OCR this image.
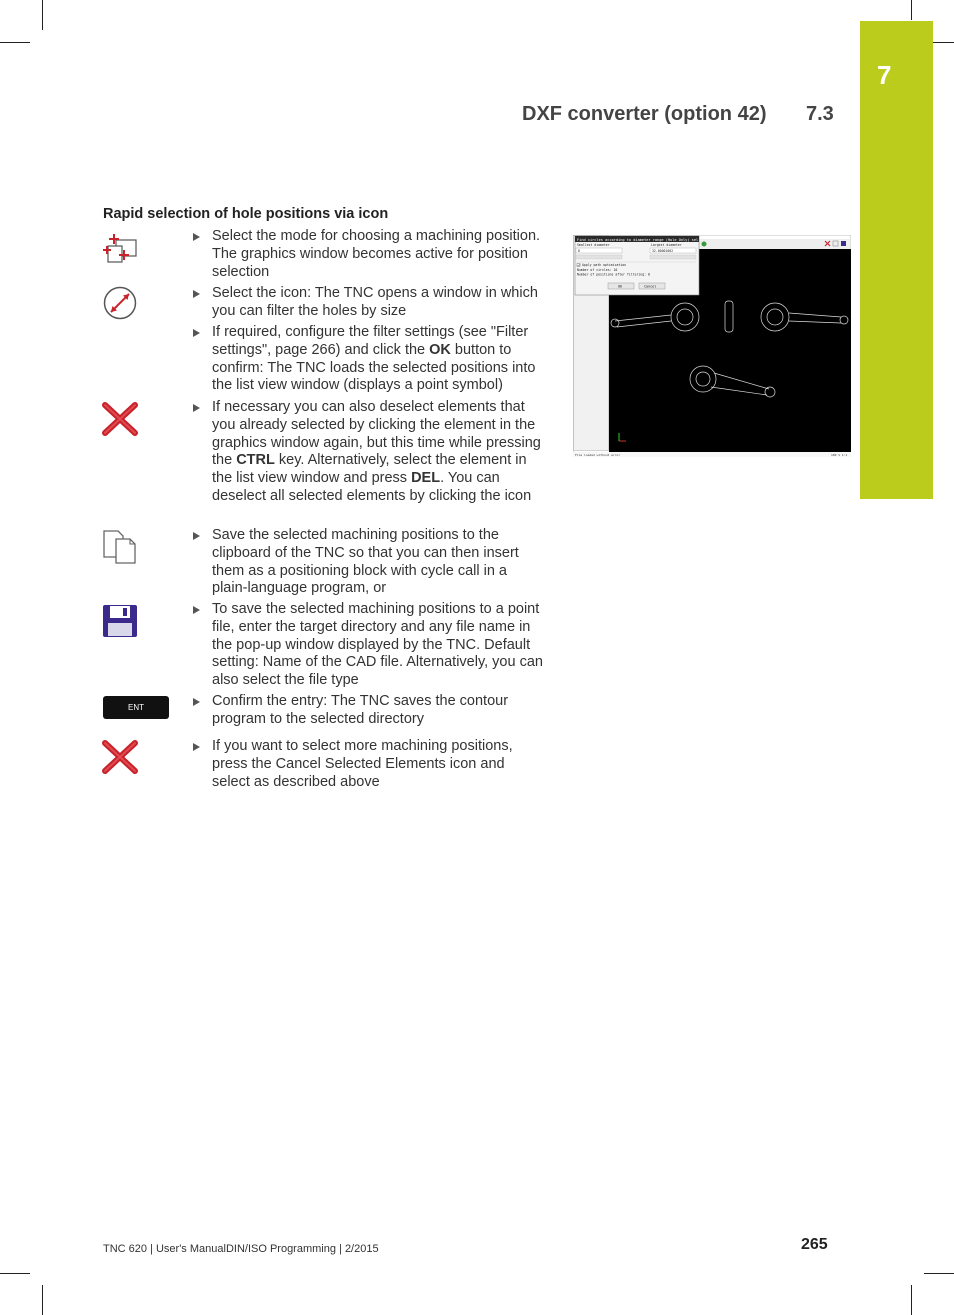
7
DXF converter (option 42) 7.3
Rapid selection of hole positions via icon
ENT
Select the mode for choosing a machining position. The graphics window becomes active for position selection
Select the icon: The TNC opens a window in which you can filter the holes by size
If required, configure the filter settings (see "Filter settings", page 266) and click the OK button to confirm: The TNC loads the selected positions into the list view window (displays a point symbol)
If necessary you can also deselect elements that you already selected by clicking the element in the graphics window again, but this time while pressing the CTRL key. Alternatively, select the element in the list view window and press DEL. You can deselect all selected elements by clicking the icon
Save the selected machining positions to the clipboard of the TNC so that you can then insert them as a positioning block with cycle call in a plain-language program, or
To save the selected machining positions to a point file, enter the target directory and any file name in the pop-up window displayed by the TNC. Default setting: Name of the CAD file. Alternatively, you can also select the file type
Confirm the entry: The TNC saves the contour program to the selected directory
If you want to select more machining positions, press the Cancel Selected Elements icon and select as described above
Find circles according to diameter range (Hole Only) sel
Smallest diameter	Largest diameter
8	32.00001002
Apply path optimization
Number of circles: 10
Number of positions after filtering: 8
OK	Cancel
File loaded without error	100 % 1:1
TNC 620 | User's ManualDIN/ISO Programming | 2/2015	265
